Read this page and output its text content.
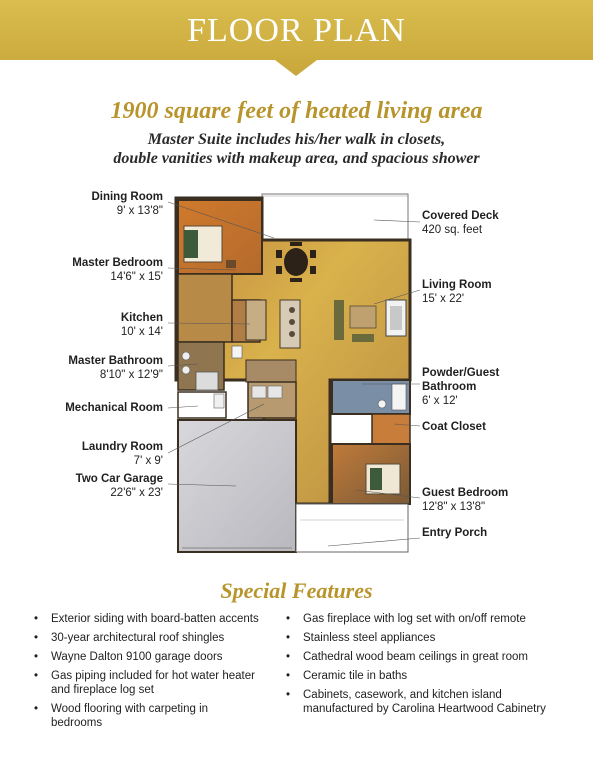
FLOOR PLAN
1900 square feet of heated living area
Master Suite includes his/her walk in closets,
double vanities with makeup area, and spacious shower
Dining Room
9' x 13'8"
Master Bedroom
14'6" x 15'
Kitchen
10' x 14'
Master Bathroom
8'10" x 12'9"
Mechanical Room
Laundry Room
7' x 9'
Two Car Garage
22'6" x 23'
Covered Deck
420 sq. feet
Living Room
15' x 22'
Powder/Guest
Bathroom
6' x 12'
Coat Closet
Guest Bedroom
12'8" x 13'8"
Entry Porch
Special Features
• Exterior siding with board-batten accents
• 30-year architectural roof shingles
• Wayne Dalton 9100 garage doors
• Gas piping included for hot water heater and fireplace log set
• Wood flooring with carpeting in bedrooms
• Gas fireplace with log set with on/off remote
• Stainless steel appliances
• Cathedral wood beam ceilings in great room
• Ceramic tile in baths
• Cabinets, casework, and kitchen island manufactured by Carolina Heartwood Cabinetry
